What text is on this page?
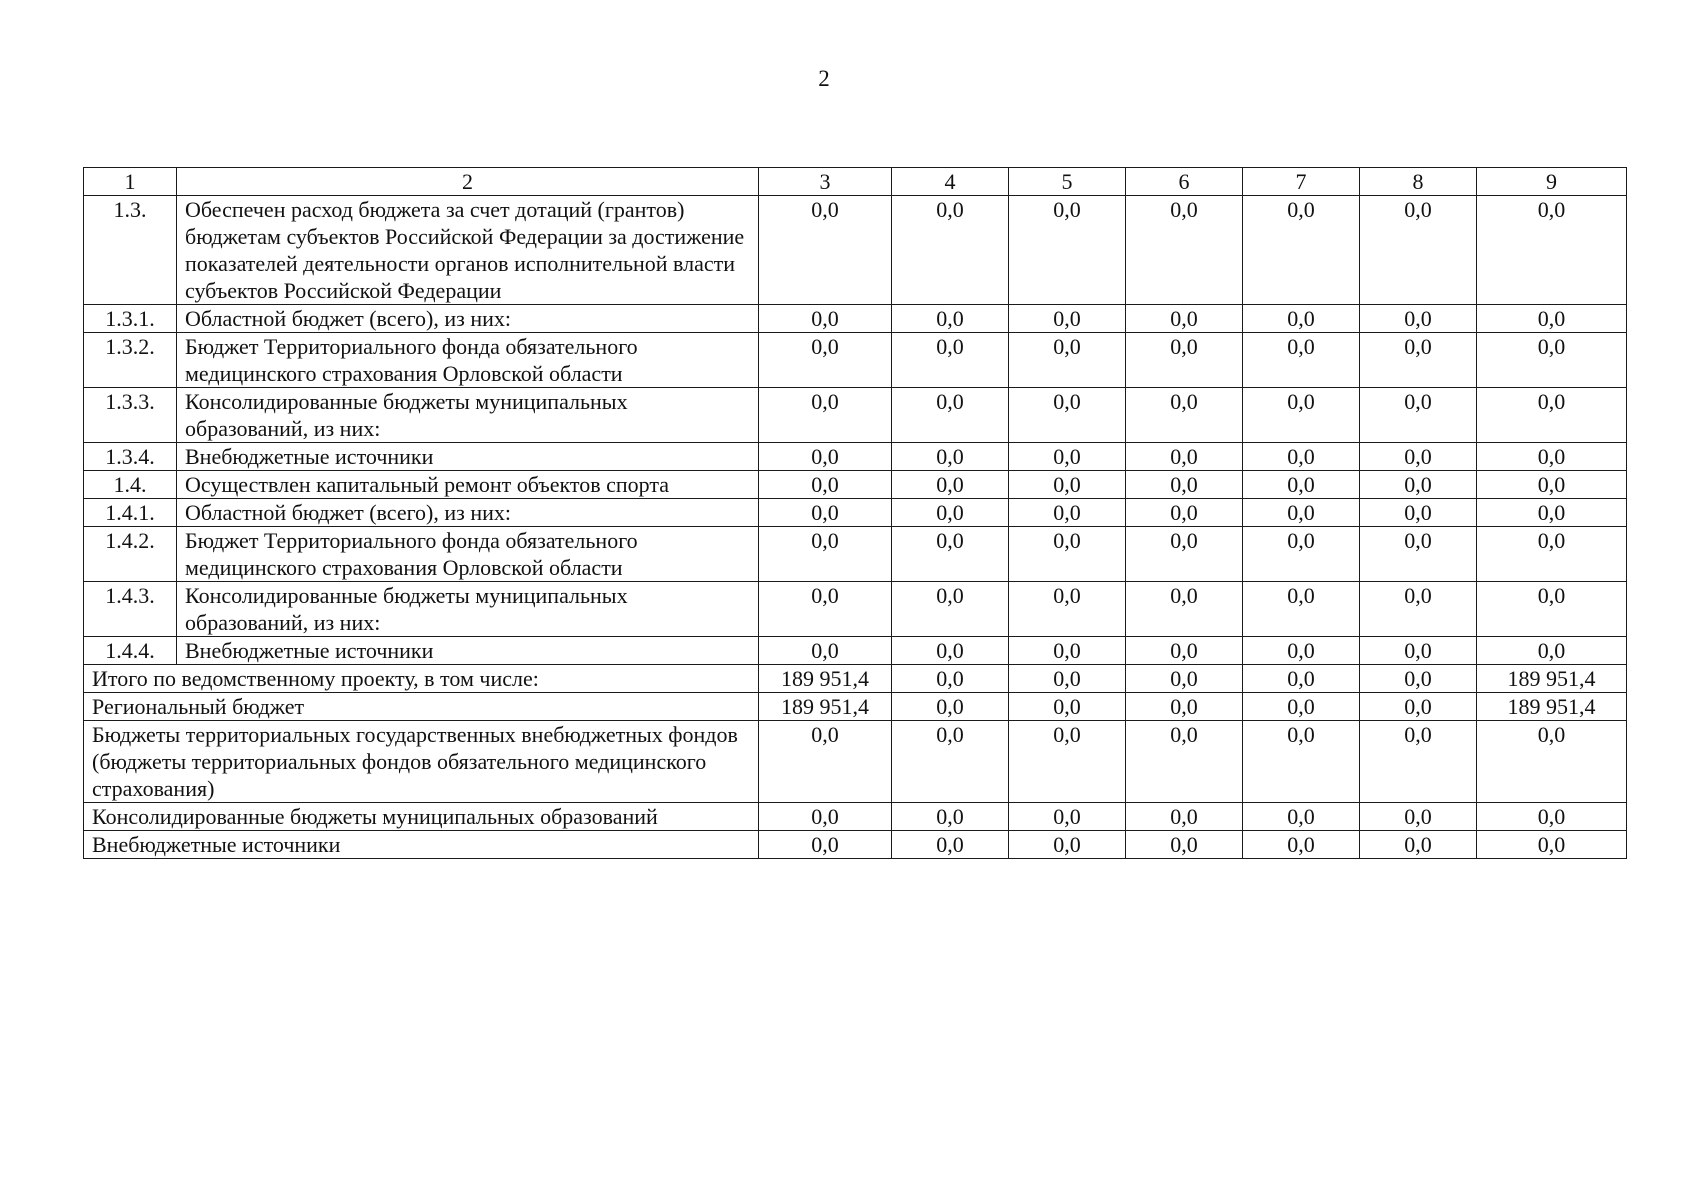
2
1	2	3	4	5	6	7	8	9
1.3.	Обеспечен расход бюджета за счет дотаций (грантов) бюджетам субъектов Российской Федерации за достижение показателей деятельности органов исполнительной власти субъектов Российской Федерации	0,0	0,0	0,0	0,0	0,0	0,0	0,0
1.3.1.	Областной бюджет (всего), из них:	0,0	0,0	0,0	0,0	0,0	0,0	0,0
1.3.2.	Бюджет Территориального фонда обязательного медицинского страхования Орловской области	0,0	0,0	0,0	0,0	0,0	0,0	0,0
1.3.3.	Консолидированные бюджеты муниципальных образований, из них:	0,0	0,0	0,0	0,0	0,0	0,0	0,0
1.3.4.	Внебюджетные источники	0,0	0,0	0,0	0,0	0,0	0,0	0,0
1.4.	Осуществлен капитальный ремонт объектов спорта	0,0	0,0	0,0	0,0	0,0	0,0	0,0
1.4.1.	Областной бюджет (всего), из них:	0,0	0,0	0,0	0,0	0,0	0,0	0,0
1.4.2.	Бюджет Территориального фонда обязательного медицинского страхования Орловской области	0,0	0,0	0,0	0,0	0,0	0,0	0,0
1.4.3.	Консолидированные бюджеты муниципальных образований, из них:	0,0	0,0	0,0	0,0	0,0	0,0	0,0
1.4.4.	Внебюджетные источники	0,0	0,0	0,0	0,0	0,0	0,0	0,0
Итого по ведомственному проекту, в том числе:		189 951,4	0,0	0,0	0,0	0,0	0,0	189 951,4
Региональный бюджет		189 951,4	0,0	0,0	0,0	0,0	0,0	189 951,4
Бюджеты территориальных государственных внебюджетных фондов (бюджеты территориальных фондов обязательного медицинского страхования)		0,0	0,0	0,0	0,0	0,0	0,0	0,0
Консолидированные бюджеты муниципальных образований		0,0	0,0	0,0	0,0	0,0	0,0	0,0
Внебюджетные источники		0,0	0,0	0,0	0,0	0,0	0,0	0,0
